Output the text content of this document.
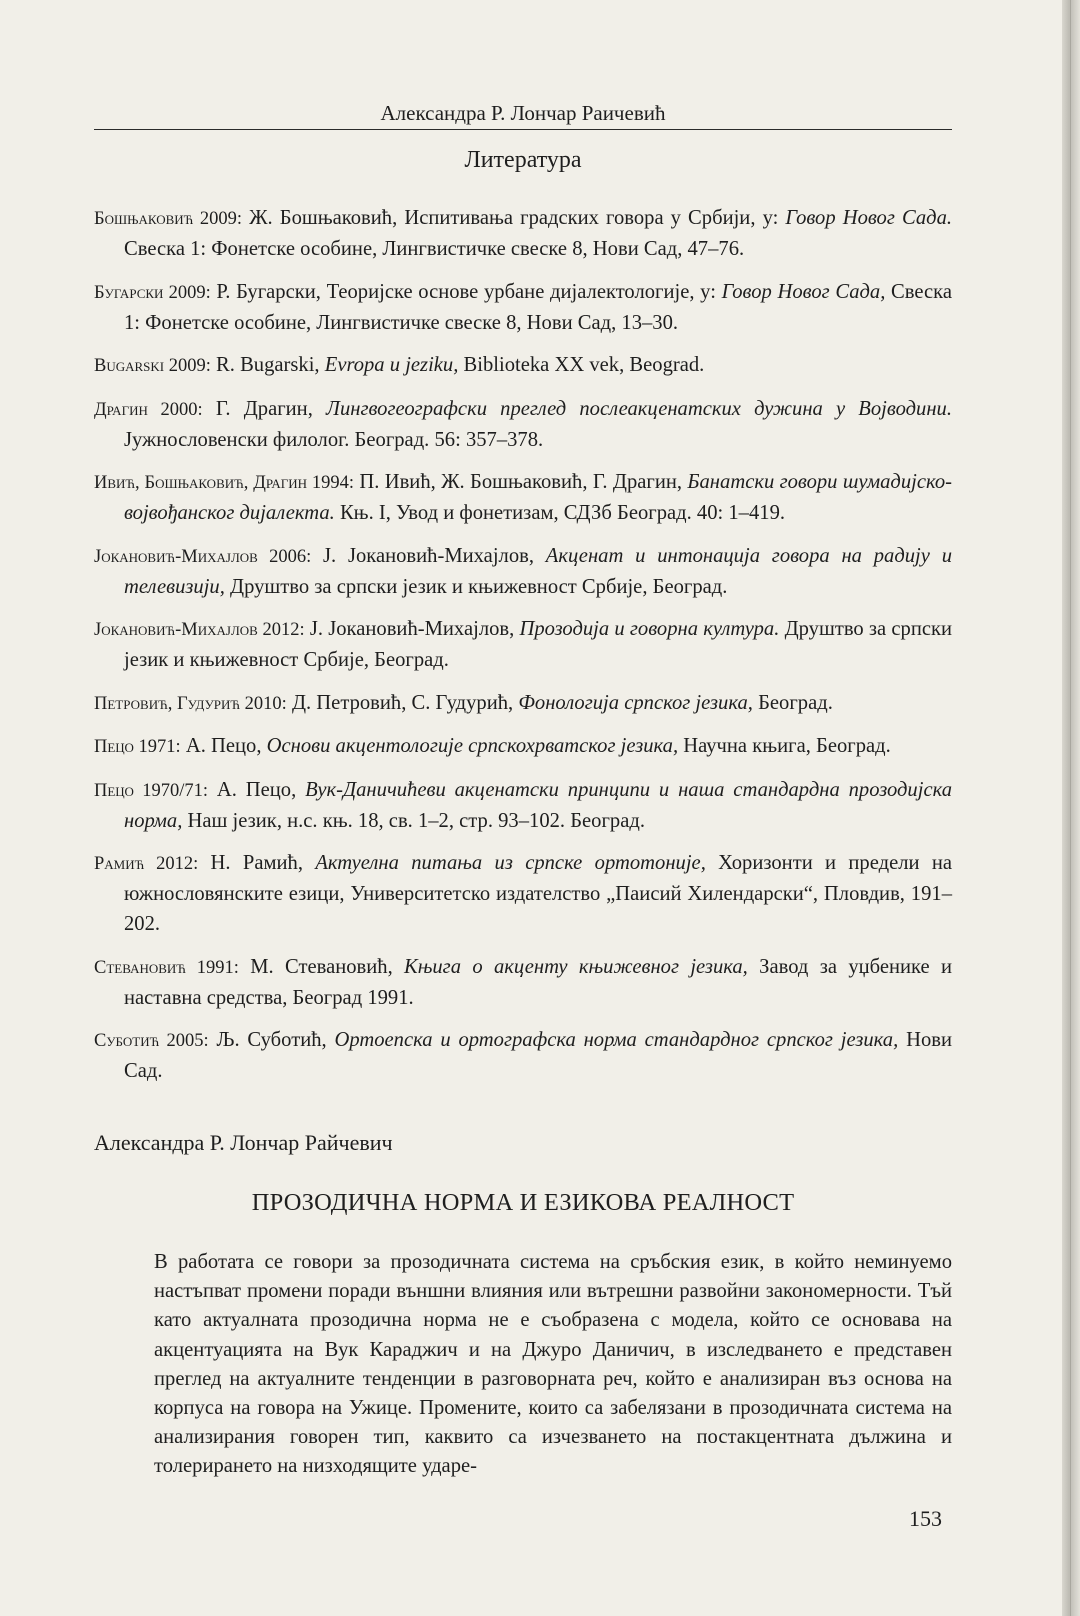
Александра Р. Лончар Раичевић
Литература

Бошњаковић 2009: Ж. Бошњаковић, Испитивања градских говора у Србији, у: Говор Новог Сада. Свеска 1: Фонетске особине, Лингвистичке свеске 8, Нови Сад, 47–76.

Бугарски 2009: Р. Бугарски, Теоријске основе урбане дијалектологије, у: Говор Новог Сада, Свеска 1: Фонетске особине, Лингвистичке свеске 8, Нови Сад, 13–30.

Bugarski 2009: R. Bugarski, Evropa u jeziku, Biblioteka XX vek, Beograd.

Драгин 2000: Г. Драгин, Лингвогеографски преглед послеакценатских дужина у Војводини. Јужнословенски филолог. Београд. 56: 357–378.

Ивић, Бошњаковић, Драгин 1994: П. Ивић, Ж. Бошњаковић, Г. Драгин, Банатски говори шумадијско-војвођанског дијалекта. Књ. I, Увод и фонетизам, СДЗб Београд. 40: 1–419.

Јокановић-Михајлов 2006: Ј. Јокановић-Михајлов, Акценат и интонација говора на радију и телевизији, Друштво за српски језик и књижевност Србије, Београд.

Јокановић-Михајлов 2012: Ј. Јокановић-Михајлов, Прозодија и говорна култура. Друштво за српски језик и књижевност Србије, Београд.

Петровић, Гудурић 2010: Д. Петровић, С. Гудурић, Фонологија српског језика, Београд.

Пецо 1971: А. Пецо, Основи акцентологије српскохрватског језика, Научна књига, Београд.

Пецо 1970/71: А. Пецо, Вук-Даничићеви акценатски принципи и наша стандардна прозодијска норма, Наш језик, н.с. књ. 18, св. 1–2, стр. 93–102. Београд.

Рамић 2012: Н. Рамић, Актуелна питања из српске ортотоније, Хоризонти и предели на южнословянските езици, Университетско издателство „Паисий Хилендарски“, Пловдив, 191–202.

Стевановић 1991: М. Стевановић, Књига о акценту књижевног језика, Завод за уџбенике и наставна средства, Београд 1991.

Суботић 2005: Љ. Суботић, Ортоепска и ортографска норма стандардног српског језика, Нови Сад.

Александра Р. Лончар Райчевич
ПРОЗОДИЧНА НОРМА И ЕЗИКОВА РЕАЛНОСТ

В работата се говори за прозодичната система на сръбския език, в който неминуемо настъпват промени поради външни влияния или вътрешни развойни закономерности. Тъй като актуалната прозодична норма не е съобразена с модела, който се основава на акцентуацията на Вук Караджич и на Джуро Даничич, в изследването е представен преглед на актуалните тенденции в разговорната реч, който е анализиран въз основа на корпуса на говора на Ужице. Промените, които са забелязани в прозодичната система на анализирания говорен тип, каквито са изчезването на постакцентната дължина и толерирането на низходящите ударе-

153
